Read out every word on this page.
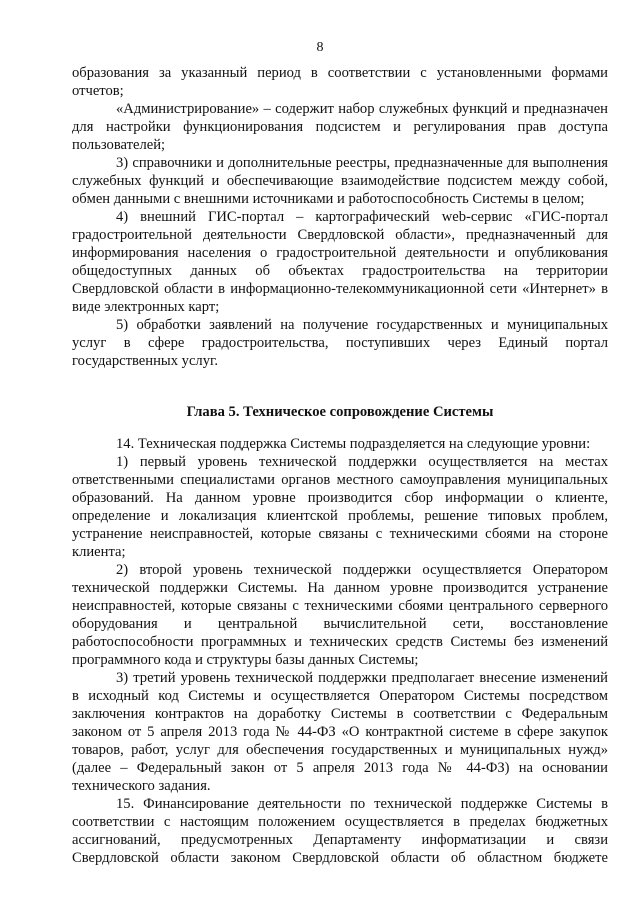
8

образования за указанный период в соответствии с установленными формами отчетов;

«Администрирование» – содержит набор служебных функций и предназначен для настройки функционирования подсистем и регулирования прав доступа пользователей;

3) справочники и дополнительные реестры, предназначенные для выполнения служебных функций и обеспечивающие взаимодействие подсистем между собой, обмен данными с внешними источниками и работоспособность Системы в целом;

4) внешний ГИС-портал – картографический web-сервис «ГИС-портал градостроительной деятельности Свердловской области», предназначенный для информирования населения о градостроительной деятельности и опубликования общедоступных данных об объектах градостроительства на территории Свердловской области в информационно-телекоммуникационной сети «Интернет» в виде электронных карт;

5) обработки заявлений на получение государственных и муниципальных услуг в сфере градостроительства, поступивших через Единый портал государственных услуг.

Глава 5. Техническое сопровождение Системы

14. Техническая поддержка Системы подразделяется на следующие уровни:

1) первый уровень технической поддержки осуществляется на местах ответственными специалистами органов местного самоуправления муниципальных образований. На данном уровне производится сбор информации о клиенте, определение и локализация клиентской проблемы, решение типовых проблем, устранение неисправностей, которые связаны с техническими сбоями на стороне клиента;

2) второй уровень технической поддержки осуществляется Оператором технической поддержки Системы. На данном уровне производится устранение неисправностей, которые связаны с техническими сбоями центрального серверного оборудования и центральной вычислительной сети, восстановление работоспособности программных и технических средств Системы без изменений программного кода и структуры базы данных Системы;

3) третий уровень технической поддержки предполагает внесение изменений в исходный код Системы и осуществляется Оператором Системы посредством заключения контрактов на доработку Системы в соответствии с Федеральным законом от 5 апреля 2013 года № 44-ФЗ «О контрактной системе в сфере закупок товаров, работ, услуг для обеспечения государственных и муниципальных нужд» (далее – Федеральный закон от 5 апреля 2013 года № 44-ФЗ) на основании технического задания.

15. Финансирование деятельности по технической поддержке Системы в соответствии с настоящим положением осуществляется в пределах бюджетных ассигнований, предусмотренных Департаменту информатизации и связи Свердловской области законом Свердловской области об областном бюджете
